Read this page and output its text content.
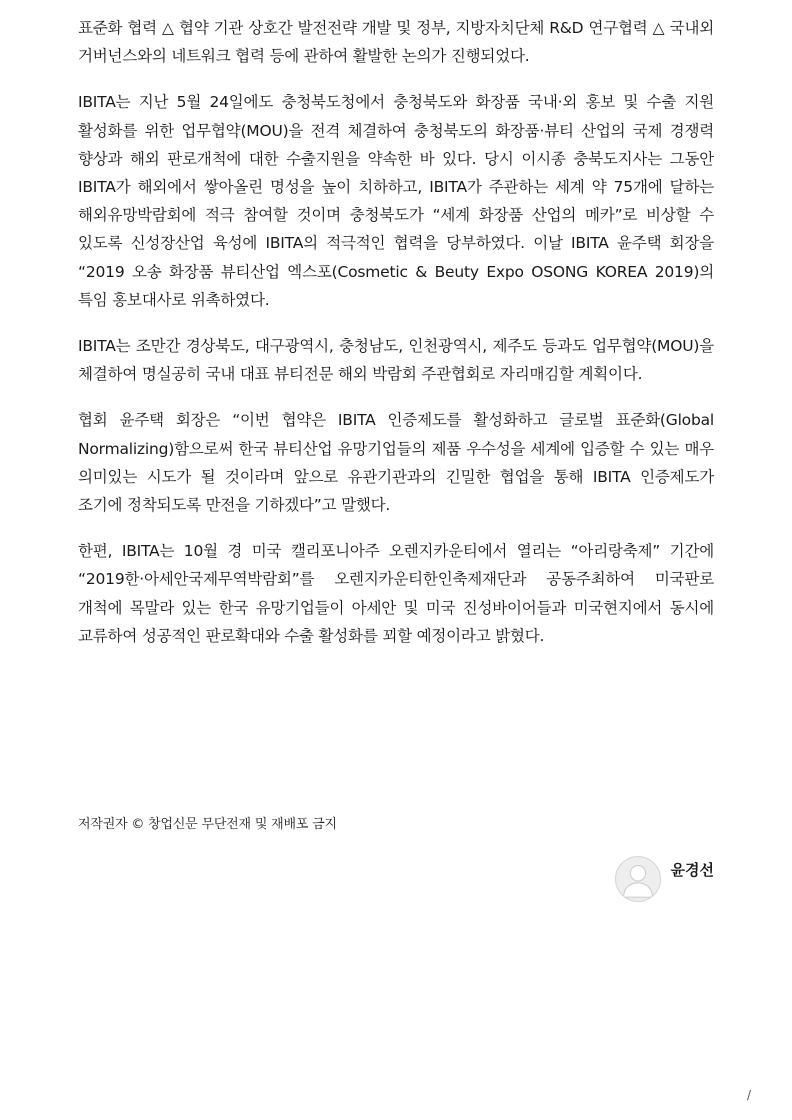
표준화 협력 △ 협약 기관 상호간 발전전략 개발 및 정부, 지방자치단체 R&D 연구협력 △ 국내외 거버넌스와의 네트워크 협력 등에 관하여 활발한 논의가 진행되었다.

IBITA는 지난 5월 24일에도 충청북도청에서 충청북도와 화장품 국내·외 홍보 및 수출 지원 활성화를 위한 업무협약(MOU)을 전격 체결하여 충청북도의 화장품·뷰티 산업의 국제 경쟁력 향상과 해외 판로개척에 대한 수출지원을 약속한 바 있다. 당시 이시종 충북도지사는 그동안 IBITA가 해외에서 쌓아올린 명성을 높이 치하하고, IBITA가 주관하는 세계 약 75개에 달하는 해외유망박람회에 적극 참여할 것이며 충청북도가 “세계 화장품 산업의 메카”로 비상할 수 있도록 신성장산업 육성에 IBITA의 적극적인 협력을 당부하였다. 이날 IBITA 윤주택 회장을 “2019 오송 화장품 뷰티산업 엑스포(Cosmetic & Beuty Expo OSONG KOREA 2019)의 특임 홍보대사로 위촉하였다.

IBITA는 조만간 경상북도, 대구광역시, 충청남도, 인천광역시, 제주도 등과도 업무협약(MOU)을 체결하여 명실공히 국내 대표 뷰티전문 해외 박람회 주관협회로 자리매김할 계획이다.

협회 윤주택 회장은 “이번 협약은 IBITA 인증제도를 활성화하고 글로벌 표준화(Global Normalizing)함으로써 한국 뷰티산업 유망기업들의 제품 우수성을 세계에 입증할 수 있는 매우 의미있는 시도가 될 것이라며 앞으로 유관기관과의 긴밀한 협업을 통해 IBITA 인증제도가 조기에 정착되도록 만전을 기하겠다”고 말했다.

한편, IBITA는 10월 경 미국 캘리포니아주 오렌지카운티에서 열리는 “아리랑축제” 기간에 “2019한·아세안국제무역박람회”를 오렌지카운티한인축제재단과 공동주최하여 미국판로 개척에 목말라 있는 한국 유망기업들이 아세안 및 미국 진성바이어들과 미국현지에서 동시에 교류하여 성공적인 판로확대와 수출 활성화를 꾀할 예정이라고 밝혔다.

저작권자 © 창업신문 무단전재 및 재배포 금지
윤경선
/
